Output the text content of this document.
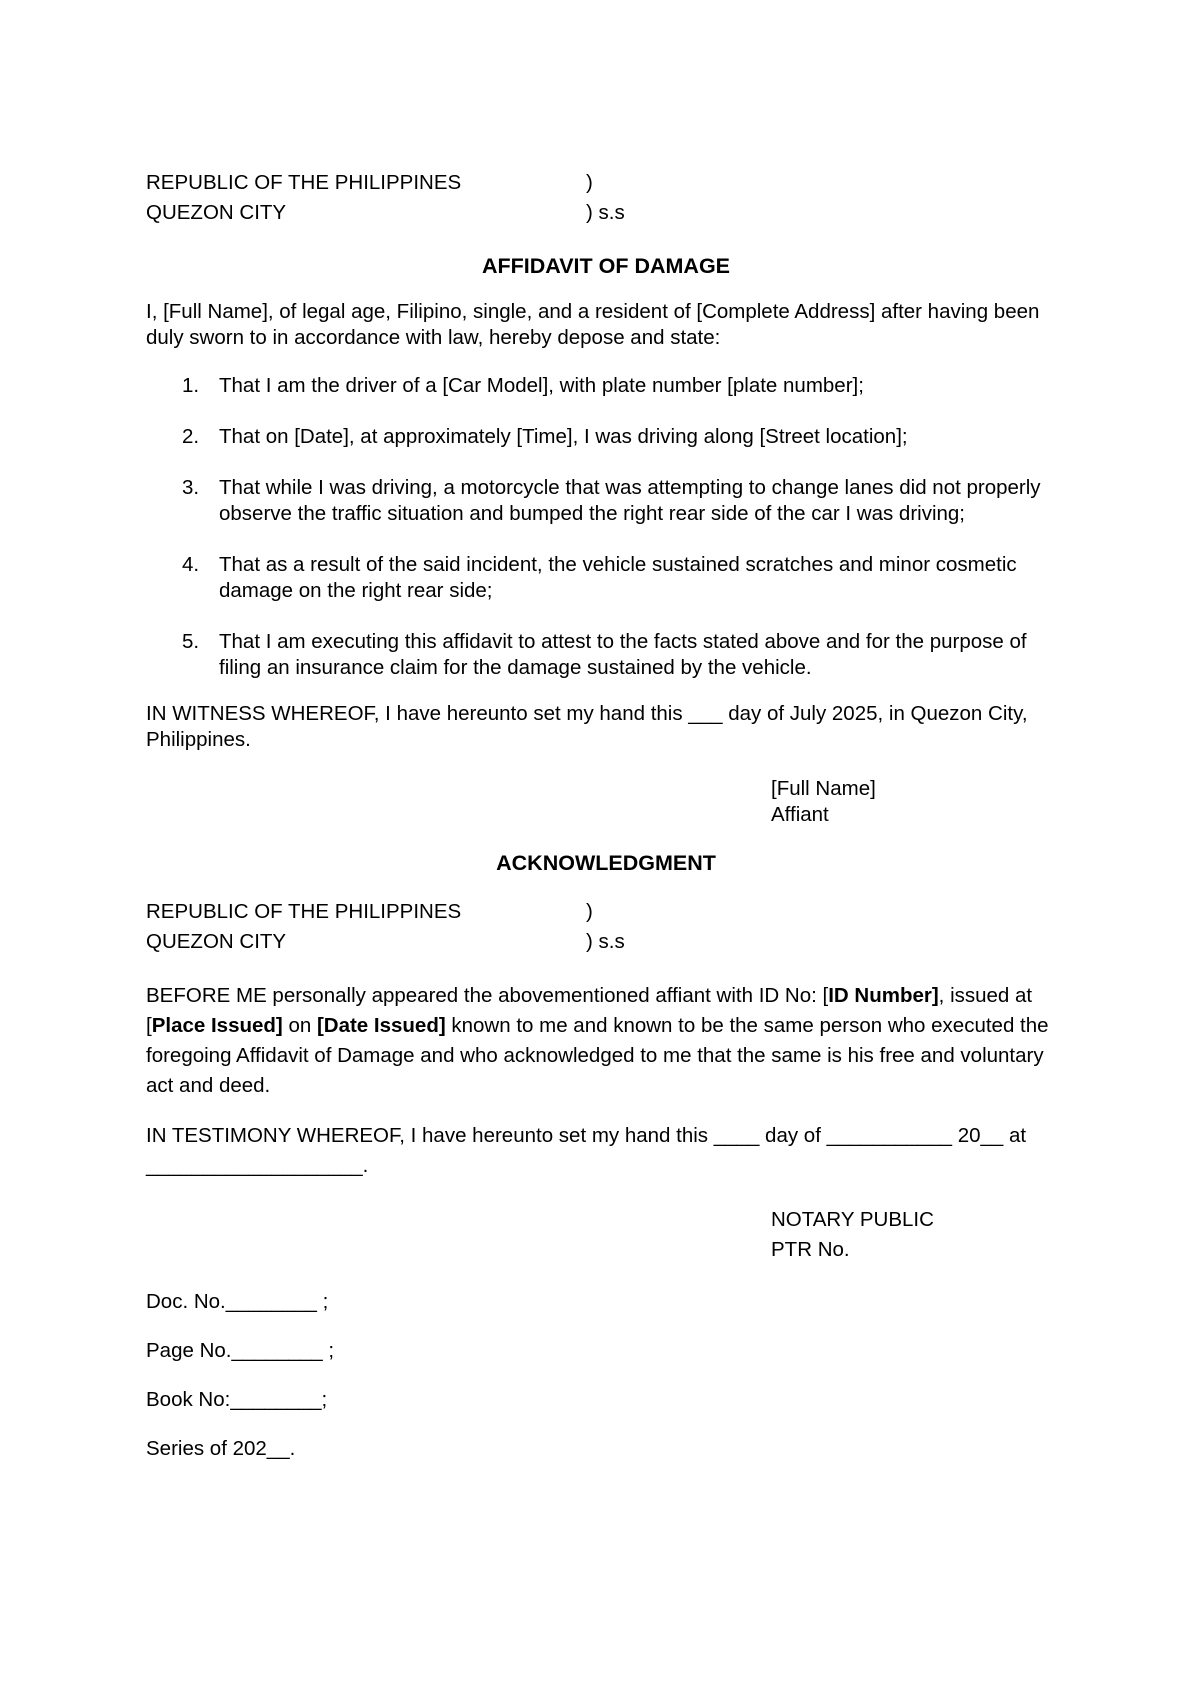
REPUBLIC OF THE PHILIPPINES	)
QUEZON CITY	) s.s
AFFIDAVIT OF DAMAGE

I, [Full Name], of legal age, Filipino, single, and a resident of [Complete Address] after having been duly sworn to in accordance with law, hereby depose and state:

1. That I am the driver of a [Car Model], with plate number [plate number];
2. That on [Date], at approximately [Time], I was driving along [Street location];
3. That while I was driving, a motorcycle that was attempting to change lanes did not properly observe the traffic situation and bumped the right rear side of the car I was driving;
4. That as a result of the said incident, the vehicle sustained scratches and minor cosmetic damage on the right rear side;
5. That I am executing this affidavit to attest to the facts stated above and for the purpose of filing an insurance claim for the damage sustained by the vehicle.

IN WITNESS WHEREOF, I have hereunto set my hand this ___ day of July 2025, in Quezon City, Philippines.

[Full Name]
Affiant
ACKNOWLEDGMENT
REPUBLIC OF THE PHILIPPINES	)
QUEZON CITY	) s.s

BEFORE ME personally appeared the abovementioned affiant with ID No: [ID Number], issued at [Place Issued] on [Date Issued] known to me and known to be the same person who executed the foregoing Affidavit of Damage and who acknowledged to me that the same is his free and voluntary act and deed.

IN TESTIMONY WHEREOF, I have hereunto set my hand this ____ day of ___________ 20__ at ___________________.

NOTARY PUBLIC
PTR No.
Doc. No.________ ;
Page No.________ ;
Book No:________;
Series of 202__.
